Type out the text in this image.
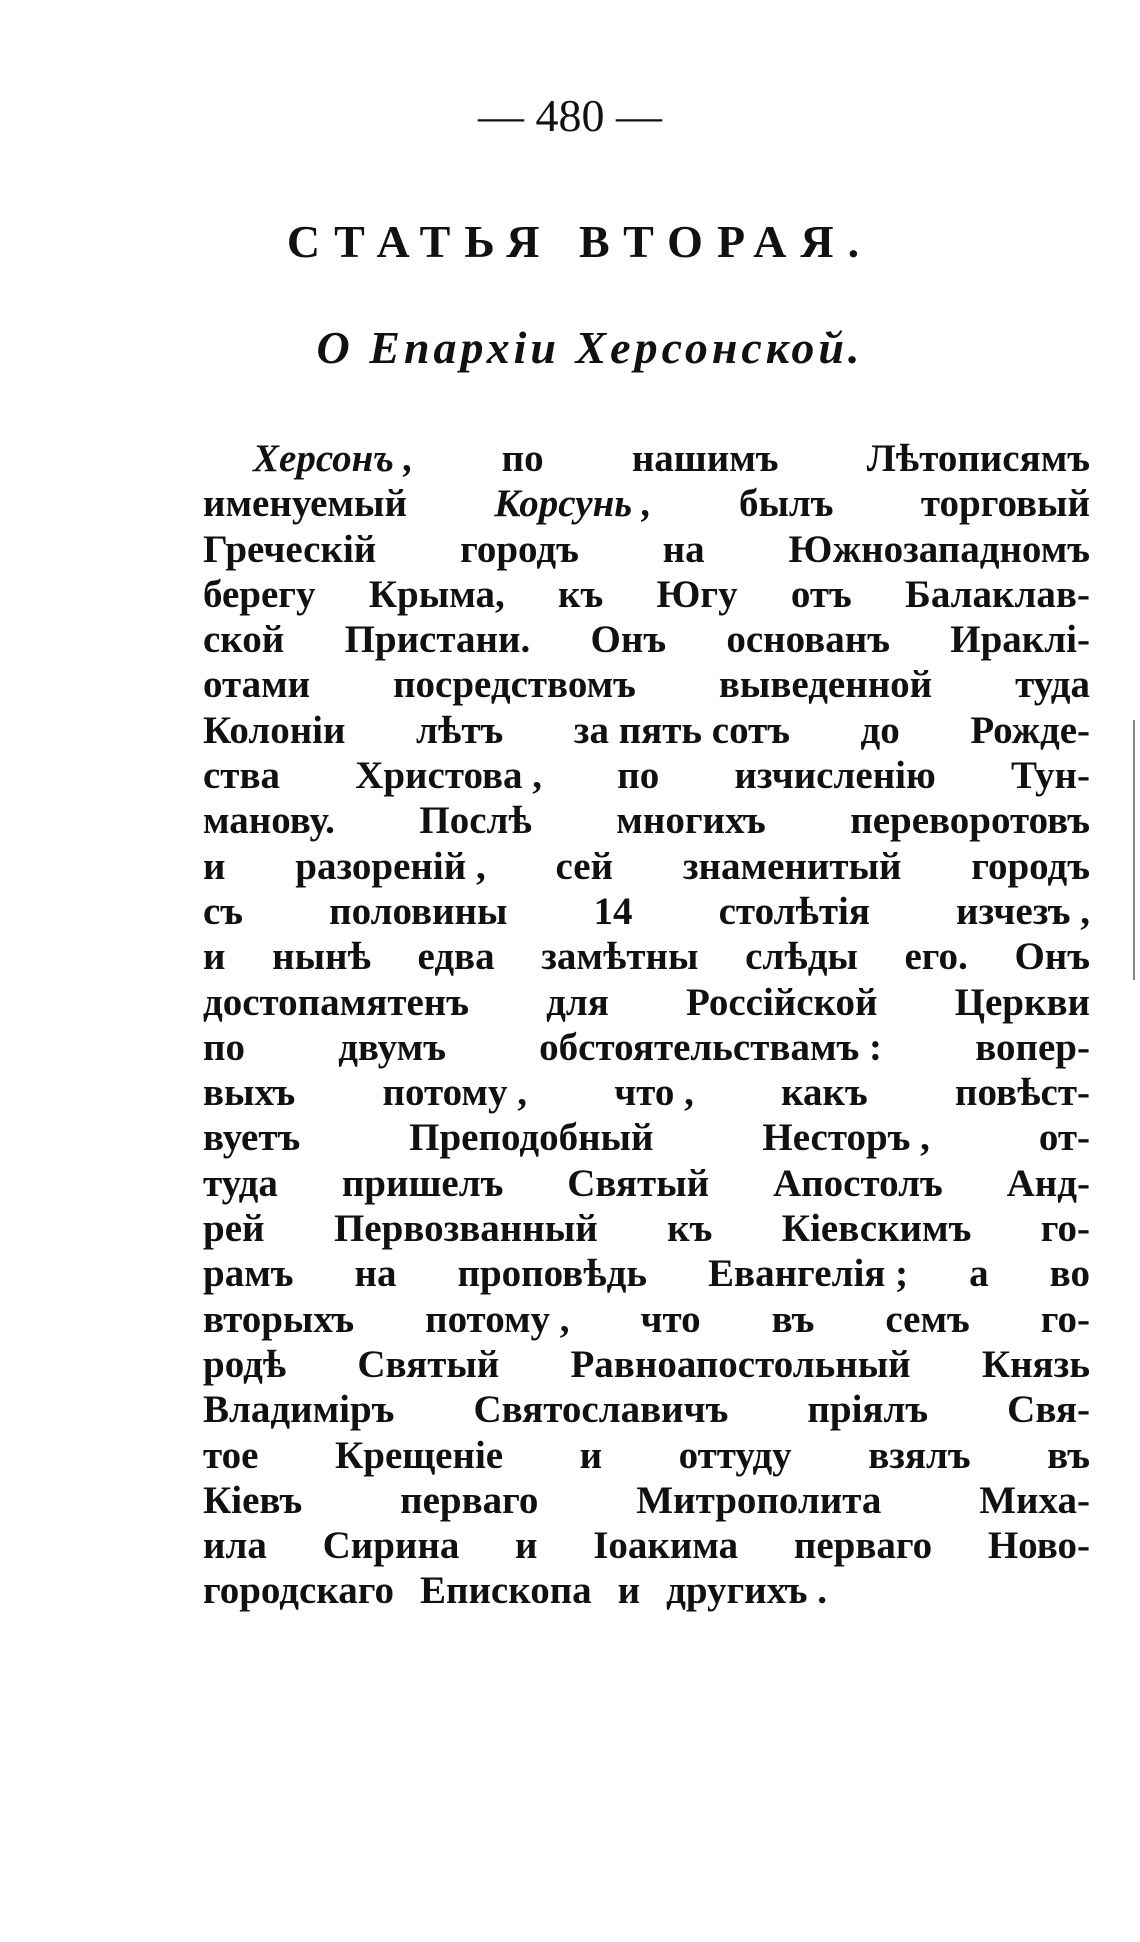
— 480 —
СТАТЬЯ ВТОРАЯ.
О Епархіи Херсонской.
Херсонъ , по нашимъ Лѣтописямъ
именуемый Корсунь , былъ торговый
Греческій городъ на Южнозападномъ
берегу Крыма, къ Югу отъ Балаклав-
ской Пристани. Онъ основанъ Ираклі-
отами посредствомъ выведенной туда
Колоніи лѣтъ за пять сотъ до Рожде-
ства Христова , по изчисленію Тун-
манову. Послѣ многихъ переворотовъ
и разореній , сей знаменитый городъ
съ половины 14 столѣтія изчезъ ,
и нынѣ едва замѣтны слѣды его. Онъ
достопамятенъ для Россійской Церкви
по двумъ обстоятельствамъ : вопер-
выхъ потому , что , какъ повѣст-
вуетъ	Преподобный	Несторъ ,	от-
туда пришелъ Святый Апостолъ Анд-
рей Первозванный къ Кіевскимъ го-
рамъ на проповѣдь Евангелія ; а во
вторыхъ потому , что въ семъ го-
родѣ Святый Равноапостольный Князь
Владиміръ Святославичъ пріялъ Свя-
тое Крещеніе и оттуду взялъ въ
Кіевъ	перваго	Митрополита	Миха-
ила Сирина и Іоакима перваго Ново-
городскаго Епископа и другихъ .
